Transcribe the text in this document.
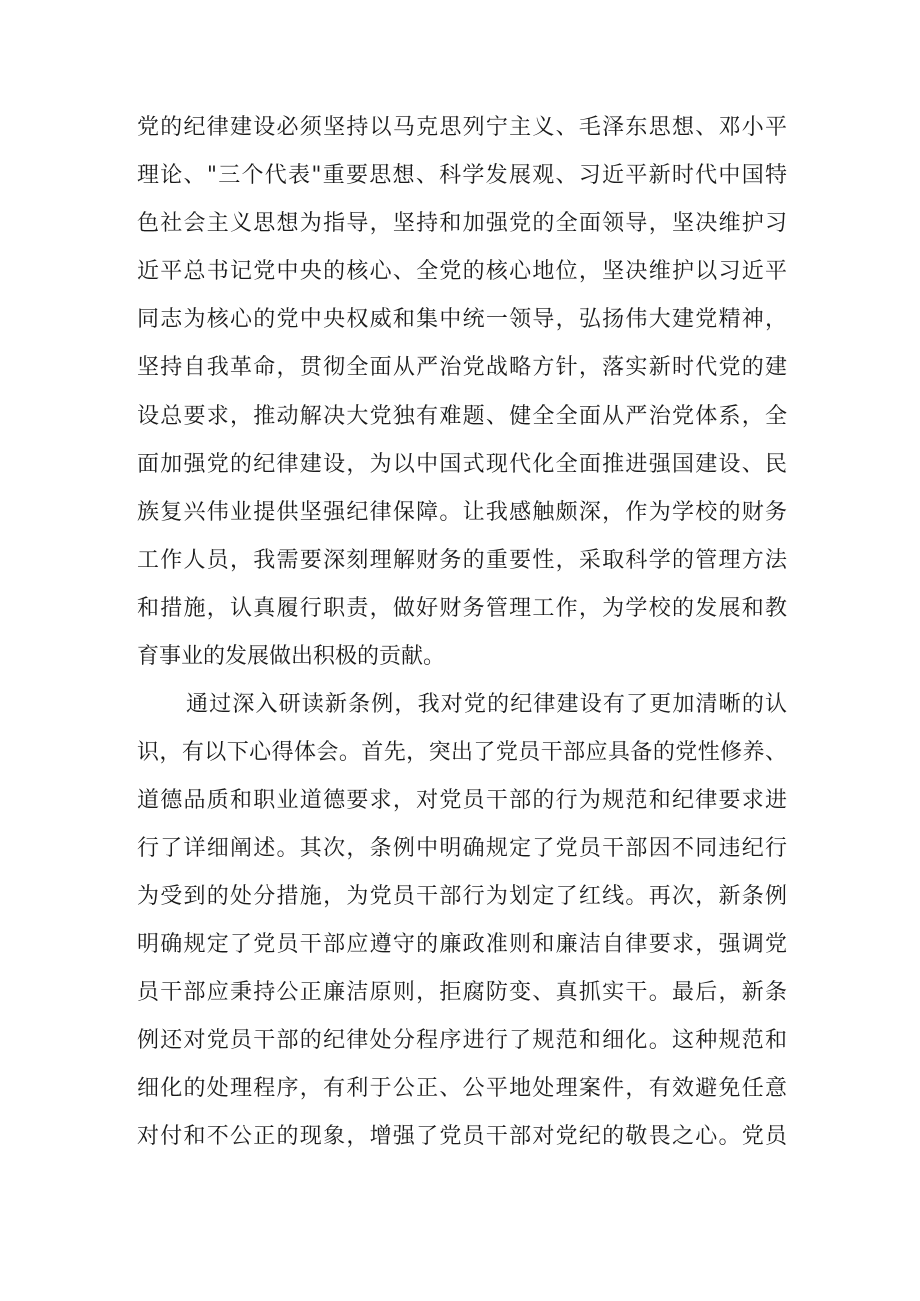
党的纪律建设必须坚持以马克思列宁主义、毛泽东思想、邓小平
理论、"三个代表"重要思想、科学发展观、习近平新时代中国特
色社会主义思想为指导，坚持和加强党的全面领导，坚决维护习
近平总书记党中央的核心、全党的核心地位，坚决维护以习近平
同志为核心的党中央权威和集中统一领导，弘扬伟大建党精神，
坚持自我革命，贯彻全面从严治党战略方针，落实新时代党的建
设总要求，推动解决大党独有难题、健全全面从严治党体系，全
面加强党的纪律建设，为以中国式现代化全面推进强国建设、民
族复兴伟业提供坚强纪律保障。让我感触颇深，作为学校的财务
工作人员，我需要深刻理解财务的重要性，采取科学的管理方法
和措施，认真履行职责，做好财务管理工作，为学校的发展和教
育事业的发展做出积极的贡献。
通过深入研读新条例，我对党的纪律建设有了更加清晰的认
识，有以下心得体会。首先，突出了党员干部应具备的党性修养、
道德品质和职业道德要求，对党员干部的行为规范和纪律要求进
行了详细阐述。其次，条例中明确规定了党员干部因不同违纪行
为受到的处分措施，为党员干部行为划定了红线。再次，新条例
明确规定了党员干部应遵守的廉政准则和廉洁自律要求，强调党
员干部应秉持公正廉洁原则，拒腐防变、真抓实干。最后，新条
例还对党员干部的纪律处分程序进行了规范和细化。这种规范和
细化的处理程序，有利于公正、公平地处理案件，有效避免任意
对付和不公正的现象，增强了党员干部对党纪的敬畏之心。党员
